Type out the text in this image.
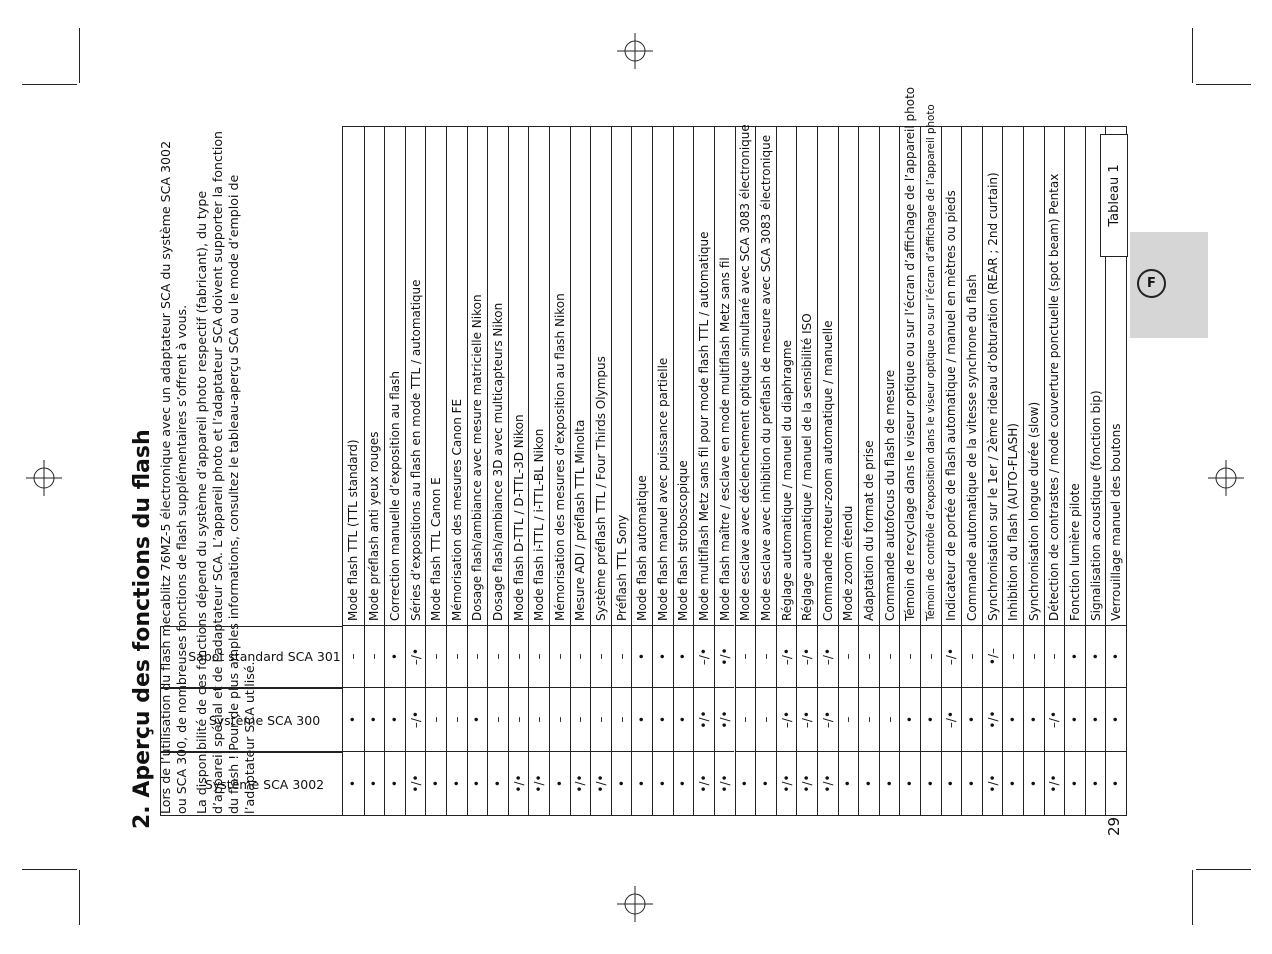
F
2. Aperçu des fonctions du flash Lors de l’utilisation du flash mecablitz 76MZ-5 électronique avec un adaptateur SCA du système SCA 3002 ou SCA 300, de nombreuses fonctions de flash supplémentaires s’offrent à vous. La disponibilité de ces fonctions dépend du système d’appareil photo respectif (fabricant), du type d’appareil spécial et de l’adaptateur SCA. L’appareil photo et l’adaptateur SCA doivent supporter la fonction du flash ! Pour de plus amples informations, consultez le tableau-aperçu SCA ou le mode d’emploi de l’adaptateur SCA utilisé.

Système SCA 3002
Système SCA 300
Sabot standard SCA 301
•
•
–
Mode flash TTL (TTL standard)
•
•
–
Mode préflash anti yeux rouges
•
•
•
Correction manuelle d’exposition au flash
•/•
–/•
–/•
Séries d’expositions au flash en mode TTL / automatique
•
–
–
Mode flash TTL Canon E
•
–
–
Mémorisation des mesures Canon FE
•
•
–
Dosage flash/ambiance avec mesure matricielle Nikon
•
–
–
Dosage flash/ambiance 3D avec multicapteurs Nikon
•/•
–
–
Mode flash D-TTL / D-TTL-3D Nikon
•/•
–
–
Mode flash i-TTL / i-TTL-BL Nikon
•
–
–
Mémorisation des mesures d’exposition au flash Nikon
•/•
–
–
Mesure ADI / préflash TTL Minolta
•/•
–
–
Système préflash TTL / Four Thirds Olympus
•
–
–
Préflash TTL Sony
•
•
•
Mode flash automatique
•
•
•
Mode flash manuel avec puissance partielle
•
•
•
Mode flash stroboscopique
•/•
•/•
–/•
Mode multiflash Metz sans fil pour mode flash TTL / automatique
•/•
•/•
•/•
Mode flash maître / esclave en mode multiflash Metz sans fil
•
–
–
Mode esclave avec déclenchement optique simultané avec SCA 3083 électronique
•
–
–
Mode esclave avec inhibition du préflash de mesure avec SCA 3083 électronique
•/•
–/•
–/•
Réglage automatique / manuel du diaphragme
•/•
–/•
–/•
Réglage automatique / manuel de la sensibilité ISO
•/•
–/•
–/•
Commande moteur-zoom automatique / manuelle
•
–
–
Mode zoom étendu
•
–
–
Adaptation du format de prise
•
–
–
Commande autofocus du flash de mesure
•
•
–
Témoin de recyclage dans le viseur optique ou sur l’écran d’affichage de l’appareil photo
•
•
–
Témoin de contrôle d’exposition dans le viseur optique ou sur l’écran d’affichage de l’appareil photo
•
–/•
–/•
Indicateur de portée de flash automatique / manuel en mètres ou pieds
•
•
–
Commande automatique de la vitesse synchrone du flash
•/•
•/•
•/–
Synchronisation sur le 1er / 2ème rideau d’obturation (REAR ; 2nd curtain)
•
•
–
Inhibition du flash (AUTO-FLASH)
•
•
–
Synchronisation longue durée (slow)
•/•
–/•
–
Détection de contrastes / mode couverture ponctuelle (spot beam) Pentax
•
•
•
Fonction lumière pilote
•
•
•
Signalisation acoustique (fonction bip)
•
•
•
Verrouillage manuel des boutons
Tableau 1
29
